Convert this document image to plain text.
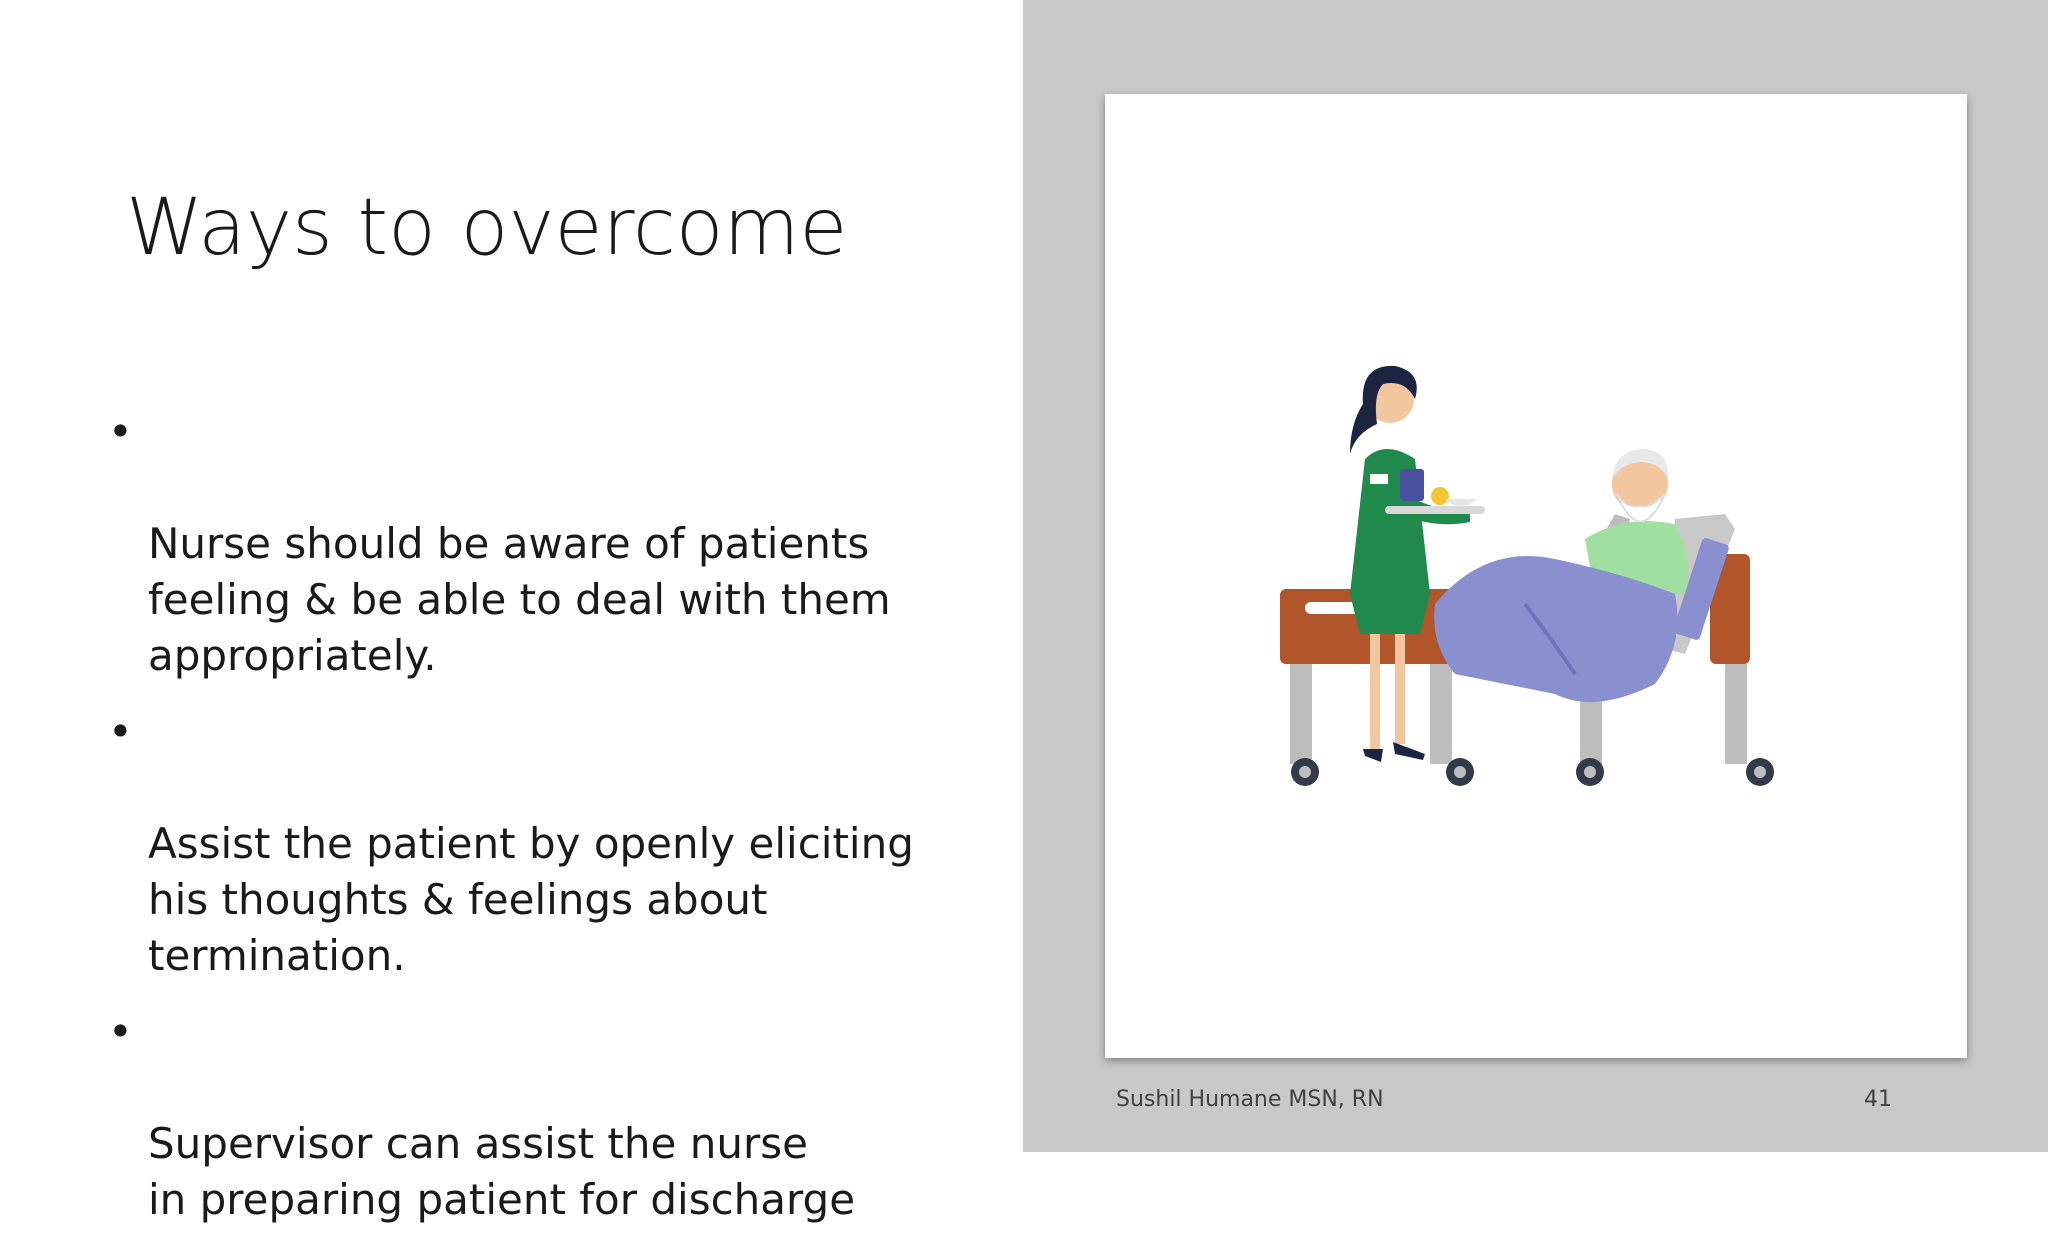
Ways to overcome

•

Nurse should be aware of patients
feeling & be able to deal with them
appropriately.

•

Assist the patient by openly eliciting
his thoughts & feelings about
termination.

•

Supervisor can assist the nurse
in preparing patient for discharge

Sushil Humane MSN, RN	41
